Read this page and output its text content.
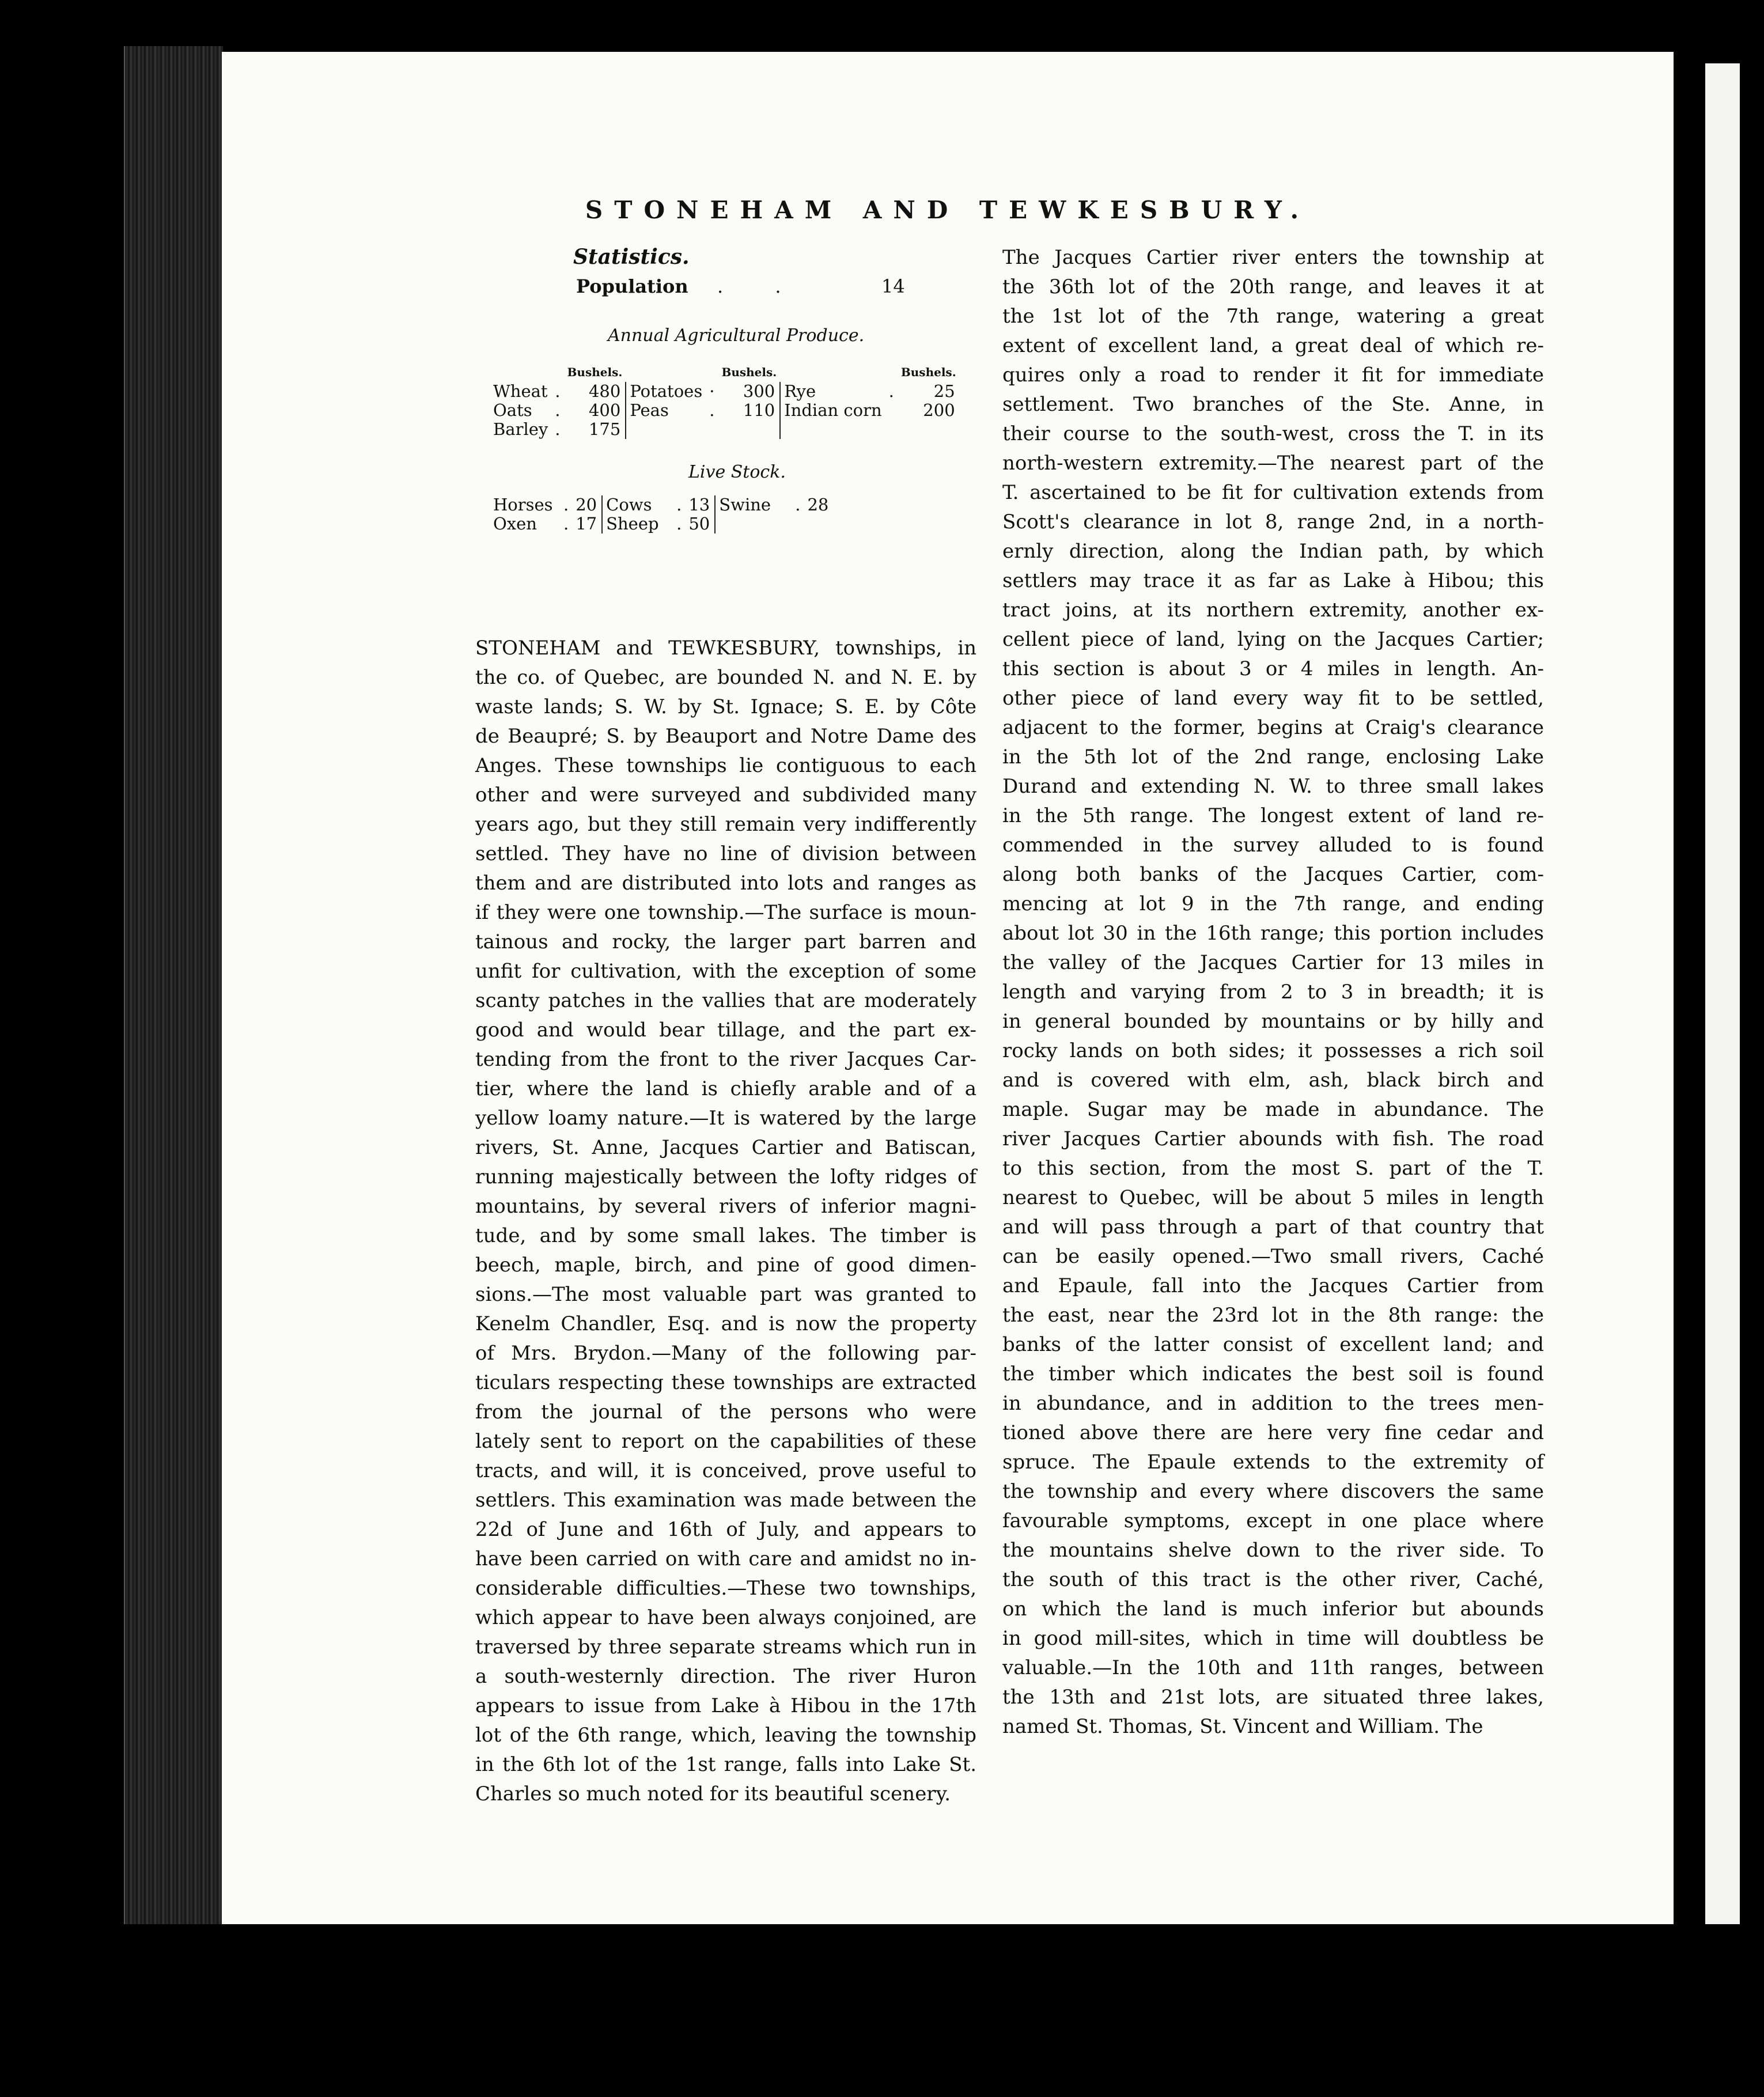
STONEHAM AND TEWKESBURY.
Statistics.
Population . .	14
Annual Agricultural Produce.
		Bushels.			Bushels.			Bushels.
Wheat	.	480	Potatoes	·	300	Rye	.	25
Oats	.	400	Peas	.	110	Indian corn		200
Barley	.	175						
Live Stock.
Horses	.	20	Cows	.	13	Swine	.	28
Oxen	.	17	Sheep	.	50			
STONEHAM and TEWKESBURY, townships, in
the co. of Quebec, are bounded N. and N. E. by
waste lands; S. W. by St. Ignace; S. E. by Côte
de Beaupré; S. by Beauport and Notre Dame des
Anges. These townships lie contiguous to each
other and were surveyed and subdivided many
years ago, but they still remain very indifferently
settled. They have no line of division between
them and are distributed into lots and ranges as
if they were one township.—The surface is moun-
tainous and rocky, the larger part barren and
unfit for cultivation, with the exception of some
scanty patches in the vallies that are moderately
good and would bear tillage, and the part ex-
tending from the front to the river Jacques Car-
tier, where the land is chiefly arable and of a
yellow loamy nature.—It is watered by the large
rivers, St. Anne, Jacques Cartier and Batiscan,
running majestically between the lofty ridges of
mountains, by several rivers of inferior magni-
tude, and by some small lakes. The timber is
beech, maple, birch, and pine of good dimen-
sions.—The most valuable part was granted to
Kenelm Chandler, Esq. and is now the property
of Mrs. Brydon.—Many of the following par-
ticulars respecting these townships are extracted
from the journal of the persons who were
lately sent to report on the capabilities of these
tracts, and will, it is conceived, prove useful to
settlers. This examination was made between the
22d of June and 16th of July, and appears to
have been carried on with care and amidst no in-
considerable difficulties.—These two townships,
which appear to have been always conjoined, are
traversed by three separate streams which run in
a south-westernly direction. The river Huron
appears to issue from Lake à Hibou in the 17th
lot of the 6th range, which, leaving the township
in the 6th lot of the 1st range, falls into Lake St.
Charles so much noted for its beautiful scenery.
The Jacques Cartier river enters the township at
the 36th lot of the 20th range, and leaves it at
the 1st lot of the 7th range, watering a great
extent of excellent land, a great deal of which re-
quires only a road to render it fit for immediate
settlement. Two branches of the Ste. Anne, in
their course to the south-west, cross the T. in its
north-western extremity.—The nearest part of the
T. ascertained to be fit for cultivation extends from
Scott's clearance in lot 8, range 2nd, in a north-
ernly direction, along the Indian path, by which
settlers may trace it as far as Lake à Hibou; this
tract joins, at its northern extremity, another ex-
cellent piece of land, lying on the Jacques Cartier;
this section is about 3 or 4 miles in length. An-
other piece of land every way fit to be settled,
adjacent to the former, begins at Craig's clearance
in the 5th lot of the 2nd range, enclosing Lake
Durand and extending N. W. to three small lakes
in the 5th range. The longest extent of land re-
commended in the survey alluded to is found
along both banks of the Jacques Cartier, com-
mencing at lot 9 in the 7th range, and ending
about lot 30 in the 16th range; this portion includes
the valley of the Jacques Cartier for 13 miles in
length and varying from 2 to 3 in breadth; it is
in general bounded by mountains or by hilly and
rocky lands on both sides; it possesses a rich soil
and is covered with elm, ash, black birch and
maple. Sugar may be made in abundance. The
river Jacques Cartier abounds with fish. The road
to this section, from the most S. part of the T.
nearest to Quebec, will be about 5 miles in length
and will pass through a part of that country that
can be easily opened.—Two small rivers, Caché
and Epaule, fall into the Jacques Cartier from
the east, near the 23rd lot in the 8th range: the
banks of the latter consist of excellent land; and
the timber which indicates the best soil is found
in abundance, and in addition to the trees men-
tioned above there are here very fine cedar and
spruce. The Epaule extends to the extremity of
the township and every where discovers the same
favourable symptoms, except in one place where
the mountains shelve down to the river side. To
the south of this tract is the other river, Caché,
on which the land is much inferior but abounds
in good mill-sites, which in time will doubtless be
valuable.—In the 10th and 11th ranges, between
the 13th and 21st lots, are situated three lakes,
named St. Thomas, St. Vincent and William. The
